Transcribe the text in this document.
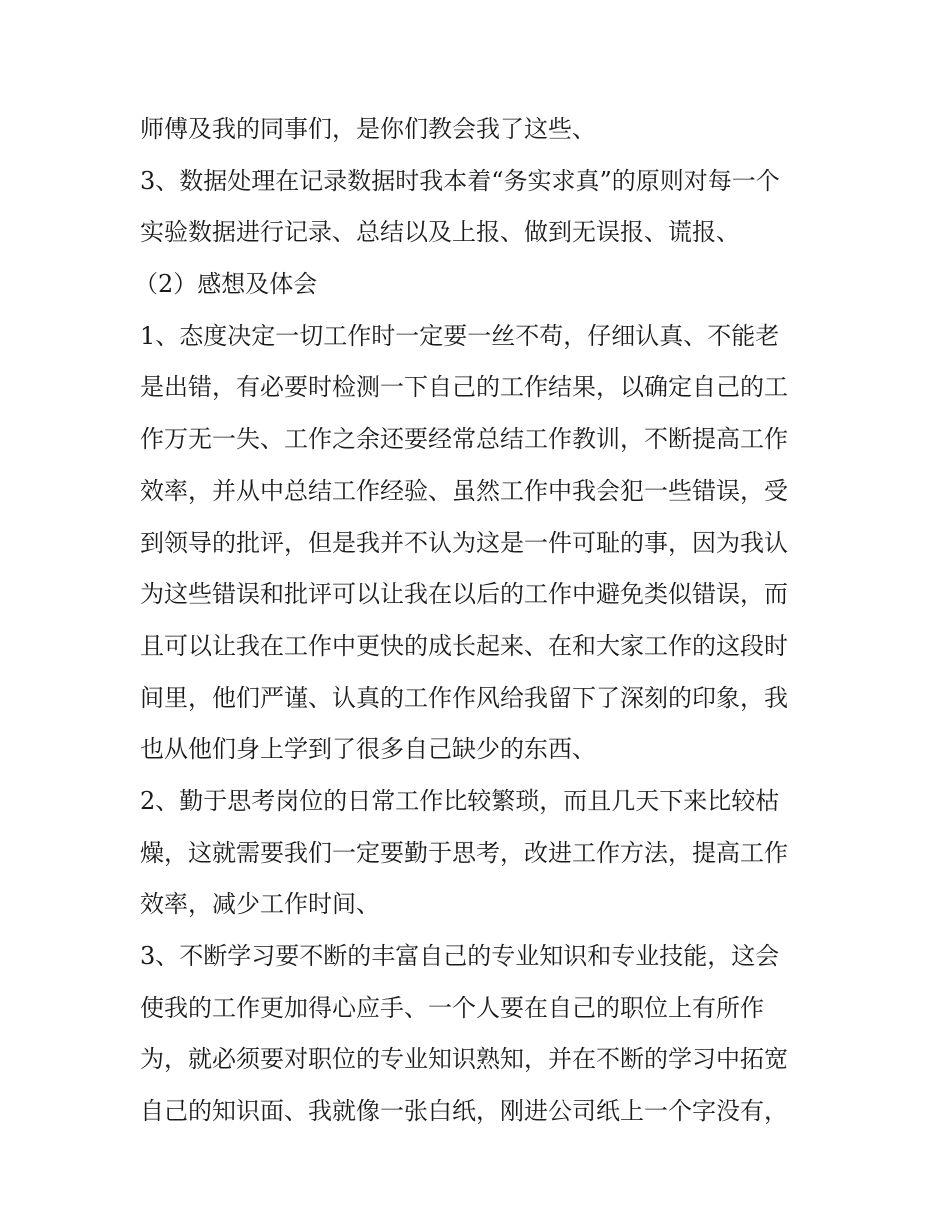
师傅及我的同事们，是你们教会我了这些、
3、数据处理在记录数据时我本着“务实求真”的原则对每一个
实验数据进行记录、总结以及上报、做到无误报、谎报、
（2）感想及体会
1、态度决定一切工作时一定要一丝不苟，仔细认真、不能老
是出错，有必要时检测一下自己的工作结果，以确定自己的工
作万无一失、工作之余还要经常总结工作教训，不断提高工作
效率，并从中总结工作经验、虽然工作中我会犯一些错误，受
到领导的批评，但是我并不认为这是一件可耻的事，因为我认
为这些错误和批评可以让我在以后的工作中避免类似错误，而
且可以让我在工作中更快的成长起来、在和大家工作的这段时
间里，他们严谨、认真的工作作风给我留下了深刻的印象，我
也从他们身上学到了很多自己缺少的东西、
2、勤于思考岗位的日常工作比较繁琐，而且几天下来比较枯
燥，这就需要我们一定要勤于思考，改进工作方法，提高工作
效率，减少工作时间、
3、不断学习要不断的丰富自己的专业知识和专业技能，这会
使我的工作更加得心应手、一个人要在自己的职位上有所作
为，就必须要对职位的专业知识熟知，并在不断的学习中拓宽
自己的知识面、我就像一张白纸，刚进公司纸上一个字没有，
